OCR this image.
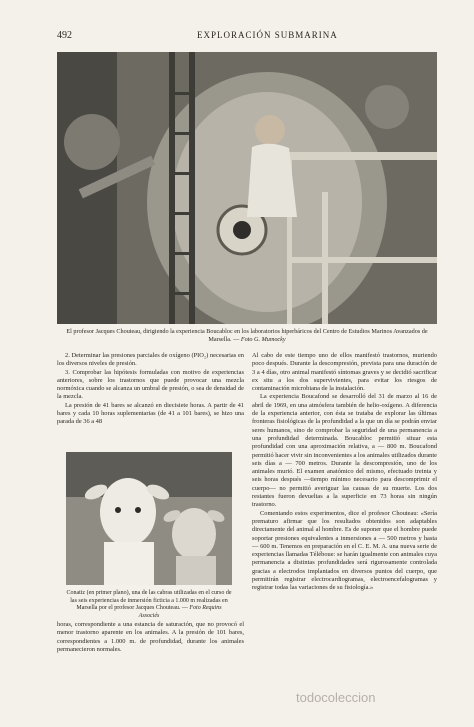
492	EXPLORACIÓN SUBMARINA
El profesor Jacques Chouteau, dirigiendo la experiencia Boucabloc en los laboratorios hiperbáricos del Centro de Estudios Marinos Avanzados de Marsella. — Foto G. Mumocky

2. Determinar las presiones parciales de oxígeno (PIO₂) necesarias en los diversos niveles de presión.

3. Comprobar las hipótesis formuladas con motivo de experiencias anteriores, sobre los trastornos que puede provocar una mezcla normóxica cuando se alcanza un umbral de presión, o sea de densidad de la mezcla.

La presión de 41 bares se alcanzó en diecisiete horas. A partir de 41 bares y cada 10 horas suplementarias (de 41 a 101 bares), se hizo una parada de 36 a 48

Conatiz (en primer plano), una de las cabras utilizadas en el curso de las seis experiencias de inmersión ficticia a 1.000 m realizadas en Marsella por el profesor Jacques Chouteau. — Foto Requins Associés

horas, correspondiente a una estancia de saturación, que no provocó el menor trastorno aparente en los animales. A la presión de 101 bares, correspondientes a 1.000 m. de profundidad, durante los animales permanecieron normales.

Al cabo de este tiempo uno de ellos manifestó trastornos, muriendo poco después. Durante la descompresión, prevista para una duración de 3 a 4 días, otro animal manifestó síntomas graves y se decidió sacrificar ex situ a los dos supervivientes, para evitar los riesgos de contaminación microbiana de la instalación.

La experiencia Boucafond se desarrolló del 31 de marzo al 16 de abril de 1969, en una atmósfera también de helio-oxígeno. A diferencia de la experiencia anterior, con ésta se trataba de explorar las últimas fronteras fisiológicas de la profundidad a la que un día se podrán enviar seres humanos, sino de comprobar la seguridad de una permanencia a una profundidad determinada. Boucabloc permitió situar esta profundidad con una aproximación relativa, a — 800 m. Boucafond permitió hacer vivir sin inconvenientes a los animales utilizados durante seis días a — 700 metros. Durante la descompresión, uno de los animales murió. El examen anatómico del mismo, efectuado treinta y seis horas después —tiempo mínimo necesario para descomprimir el cuerpo— no permitió averiguar las causas de su muerte. Los dos restantes fueron devueltas a la superficie en 73 horas sin ningún trastorno.

Comentando estos experimentos, dice el profesor Chouteau: «Sería prematuro afirmar que los resultados obtenidos son adaptables directamente del animal al hombre. Es de suponer que el hombre puede soportar presiones equivalentes a inmersiones a — 500 metros y hasta — 600 m. Tenemos en preparación en el C. E. M. A. una nueva serie de experiencias llamadas Téléboue: se harán igualmente con animales cuya permanencia a distintas profundidades será rigurosamente controlada gracias a electrodos implantados en diversos puntos del cuerpo, que permitirán registrar electrocardiogramas, electroencefalogramas y registrar todas las variaciones de su fisiología.»

todocoleccion
